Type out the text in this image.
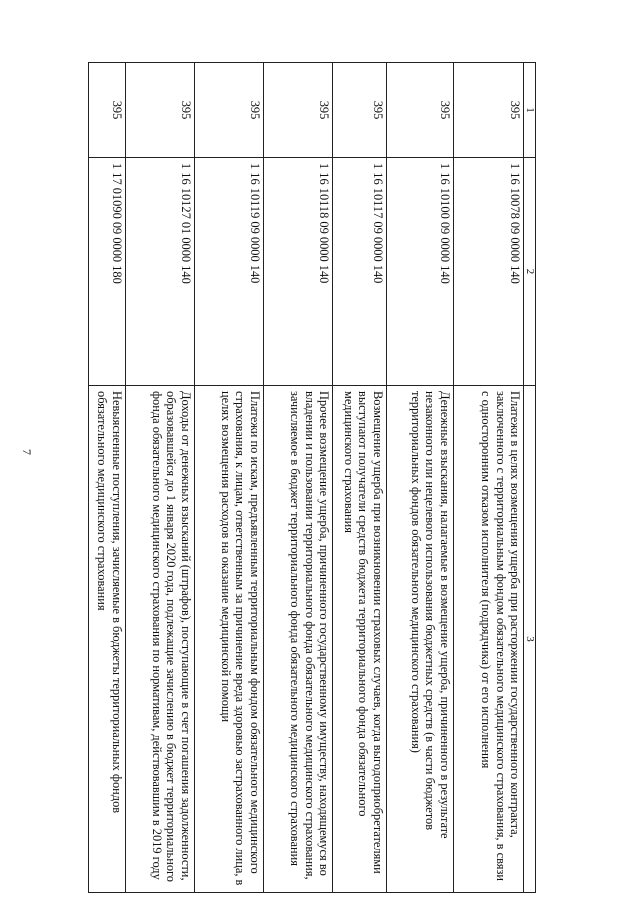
7
1	2	3
395	1 16 10078 09 0000 140	Платежи в целях возмещения ущерба при расторжении государственного контракта, заключенного с территориальным фондом обязательного медицинского страхования, в связи с односторонним отказом исполнителя (подрядчика) от его исполнения
395	1 16 10100 09 0000 140	Денежные взыскания, налагаемые в возмещение ущерба, причиненного в результате незаконного или нецелевого использования бюджетных средств (в части бюджетов территориальных фондов обязательного медицинского страхования)
395	1 16 10117 09 0000 140	Возмещение ущерба при возникновении страховых случаев, когда выгодоприобретателями выступают получатели средств бюджета территориального фонда обязательного медицинского страхования
395	1 16 10118 09 0000 140	Прочее возмещение ущерба, причиненного государственному имуществу, находящемуся во владении и пользовании территориального фонда обязательного медицинского страхования, зачисляемое в бюджет территориального фонда обязательного медицинского страхования
395	1 16 10119 09 0000 140	Платежи по искам, предъявленным территориальным фондом обязательного медицинского страхования, к лицам, ответственным за причинение вреда здоровью застрахованного лица, в целях возмещения расходов на оказание медицинской помощи
395	1 16 10127 01 0000 140	Доходы от денежных взысканий (штрафов), поступающие в счет погашения задолженности, образовавшейся до 1 января 2020 года, подлежащие зачислению в бюджет территориального фонда обязательного медицинского страхования по нормативам, действовавшим в 2019 году
395	1 17 01090 09 0000 180	Невыясненные поступления, зачисляемые в бюджеты территориальных фондов обязательного медицинского страхования
